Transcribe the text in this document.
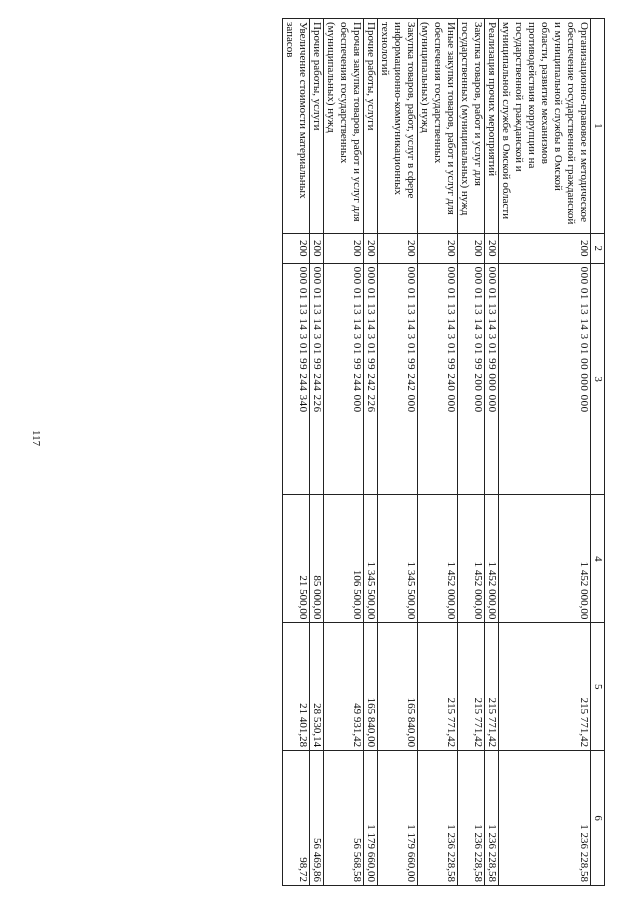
117
1	2	3	4	5	6
Организационно-правовое и методическое обеспечение государственной гражданской и муниципальной службы в Омской области, развитие механизмов противодействия коррупции на государственной гражданской и муниципальной службе в Омской области	200	000 01 13 14 3 01 00 000 000	1 452 000,00	215 771,42	1 236 228,58
Реализация прочих мероприятий	200	000 01 13 14 3 01 99 000 000	1 452 000,00	215 771,42	1 236 228,58
Закупка товаров, работ и услуг для государственных (муниципальных) нужд	200	000 01 13 14 3 01 99 200 000	1 452 000,00	215 771,42	1 236 228,58
Иные закупки товаров, работ и услуг для обеспечения государственных (муниципальных) нужд	200	000 01 13 14 3 01 99 240 000	1 452 000,00	215 771,42	1 236 228,58
Закупка товаров, работ, услуг в сфере информационно-коммуникационных технологий	200	000 01 13 14 3 01 99 242 000	1 345 500,00	165 840,00	1 179 660,00
Прочие работы, услуги	200	000 01 13 14 3 01 99 242 226	1 345 500,00	165 840,00	1 179 660,00
Прочая закупка товаров, работ и услуг для обеспечения государственных (муниципальных) нужд	200	000 01 13 14 3 01 99 244 000	106 500,00	49 931,42	56 568,58
Прочие работы, услуги	200	000 01 13 14 3 01 99 244 226	85 000,00	28 530,14	56 469,86
Увеличение стоимости материальных запасов	200	000 01 13 14 3 01 99 244 340	21 500,00	21 401,28	98,72
